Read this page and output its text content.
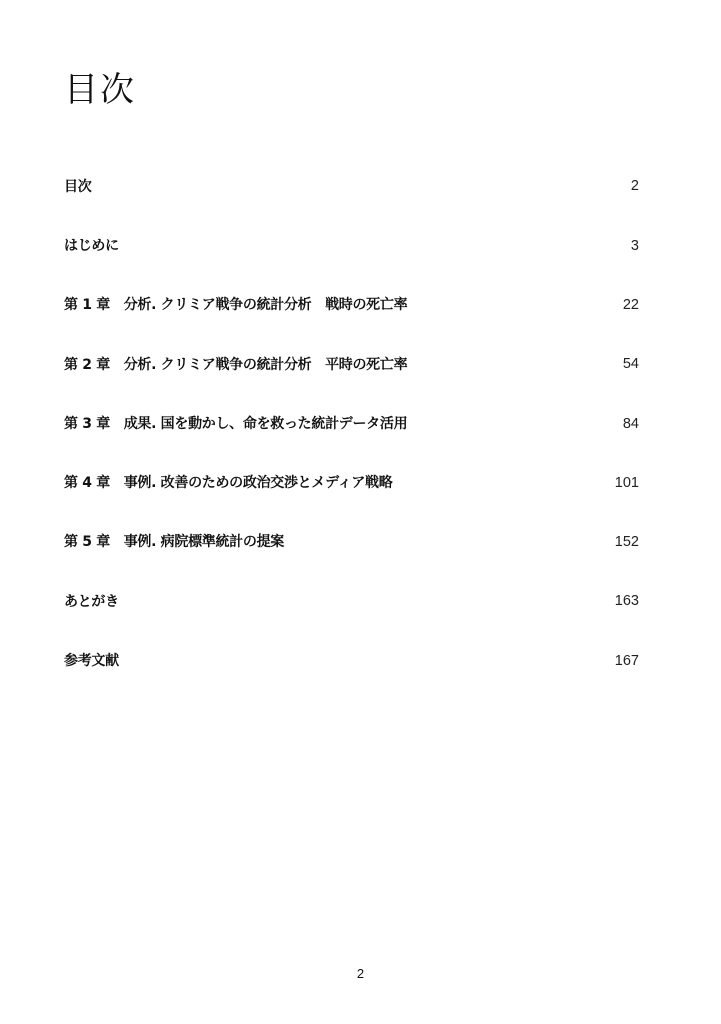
目次
目次	2
はじめに	3
第 1 章　分析. クリミア戦争の統計分析　戦時の死亡率	22
第 2 章　分析. クリミア戦争の統計分析　平時の死亡率	54
第 3 章　成果. 国を動かし、命を救った統計データ活用	84
第 4 章　事例. 改善のための政治交渉とメディア戦略	101
第 5 章　事例. 病院標準統計の提案	152
あとがき	163
参考文献	167
2
